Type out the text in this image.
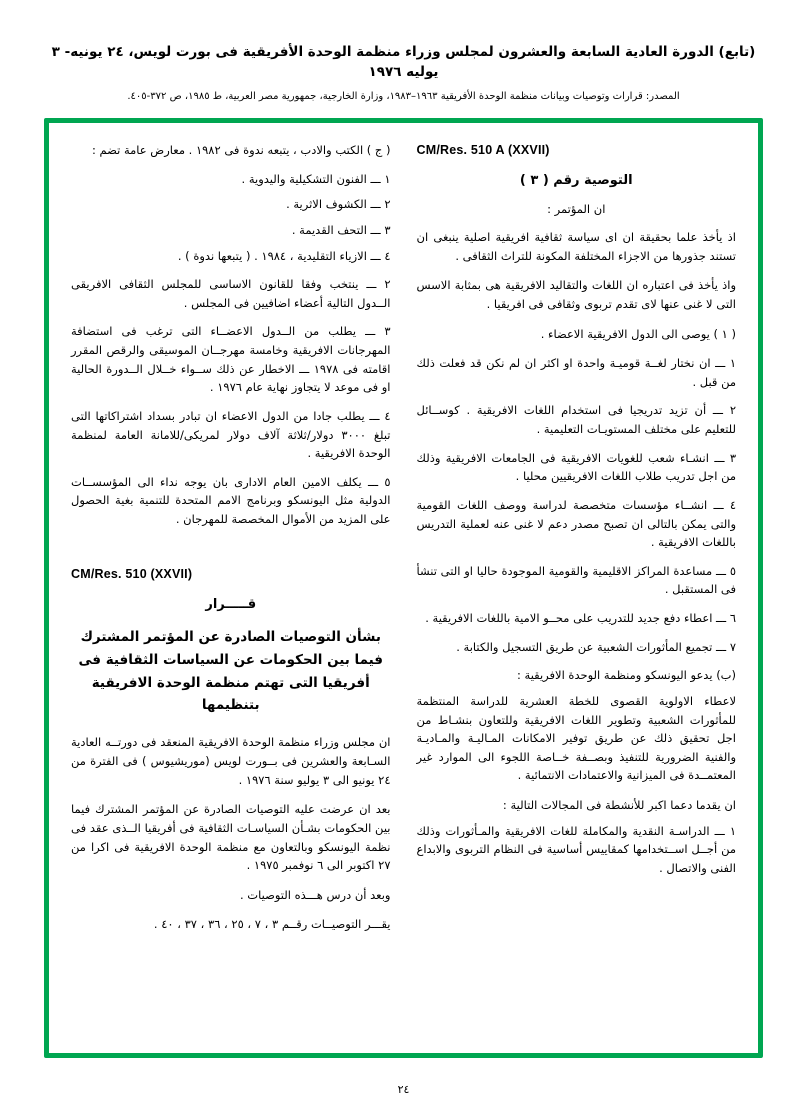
(تابع) الدورة العادية السابعة والعشرون لمجلس وزراء منظمة الوحدة الأفريقية فى بورت لويس، ٢٤ يونيه- ٣ يوليه ١٩٧٦
المصدر: قرارات وتوصيات وبيانات منظمة الوحدة الأفريقية ١٩٦٣–١٩٨٣، وزارة الخارجية، جمهورية مصر العربية، ط ١٩٨٥، ص ٣٧٢-٤٠٥.
CM/Res. 510 A (XXVII)
التوصية رقم ( ٣ )

ان المؤتمر :

اذ يأخذ علما بحقيقة ان اى سياسة ثقافية افريقية اصلية ينبغى ان تستند جذورها من الاجزاء المختلفة المكونة للتراث الثقافى .

واذ يأخذ فى اعتباره ان اللغات والتقاليد الافريقية هى بمثابة الاسس التى لا غنى عنها لاى تقدم تربوى وثقافى فى افريقيا .

( ١ ) يوصى الى الدول الافريقية الاعضاء .

١ ـــ ان نختار لغــة قوميـة واحدة او اكثر ان لم نكن قد فعلت ذلك من قبل .

٢ ـــ أن تزيد تدريجيا فى استخدام اللغات الافريقية . كوســائل للتعليم على مختلف المستويـات التعليمية .

٣ ـــ انشـاء شعب للغويات الافريقية فى الجامعات الافريقية وذلك من اجل تدريب طلاب اللغات الافريقيين محليا .

٤ ـــ انشــاء مؤسسات متخصصة لدراسة ووصف اللغات القومية والتى يمكن بالتالى ان تصبح مصدر دعم لا غنى عنه لعملية التدريس باللغات الافريقية .

٥ ـــ مساعدة المراكز الاقليمية والقومية الموجودة حاليا او التى تنشأ فى المستقبل .

٦ ـــ اعطاء دفع جديد للتدريب على محــو الامية باللغات الافريقية .

٧ ـــ تجميع المأثورات الشعبية عن طريق التسجيل والكتابة .

(ب) يدعو اليونسكو ومنظمة الوحدة الافريقية :

لاعطاء الاولوية القصوى للخطة العشرية للدراسة المنتظمة للمأثورات الشعبية وتطوير اللغات الافريقية وللتعاون بنشـاط من اجل تحقيق ذلك عن طريق توفير الامكانات المـاليـة والمـاديـة والفنية الضرورية للتنفيذ وبصــفة خــاصة اللجوء الى الموارد غير المعتمــدة فى الميزانية والاعتمادات الانتمائية .

ان يقدما دعما اكبر للأنشطة فى المجالات التالية :

١ ـــ الدراسـة النقدية والمكاملة للغات الافريقية والمـأثورات وذلك من أجــل اســتخدامها كمقاييس أساسية فى النظام التربوى والابداع الفنى والاتصال .

( ج ) الكتب والادب ، يتبعه ندوة فى ١٩٨٢ . معارض عامة تضم :

١ ـــ الفنون التشكيلية واليدوية .

٢ ـــ الكشوف الاثرية .

٣ ـــ التحف القديمة .

٤ ـــ الازياء التقليدية ، ١٩٨٤ . ( يتبعها ندوة ) .

٢ ـــ ينتخب وفقا للقانون الاساسى للمجلس الثقافى الافريقى الــدول التالية أعضاء اضافيين فى المجلس .

٣ ـــ يطلب من الــدول الاعضــاء التى ترغب فى استضافة المهرجانات الافريقية وخامسة مهرجــان الموسيقى والرقص المقرر اقامته فى ١٩٧٨ ـــ الاخطار عن ذلك ســواء خــلال الــدورة الحالية او فى موعد لا يتجاوز نهاية عام ١٩٧٦ .

٤ ـــ يطلب جادا من الدول الاعضاء ان تبادر بسداد اشتراكاتها التى تبلغ ٣٠٠٠ دولار/ثلاثة آلاف دولار لمريكى/للامانة العامة لمنظمة الوحدة الافريقية .

٥ ـــ يكلف الامين العام الادارى بان يوجه نداء الى المؤسســات الدولية مثل اليونسكو وبرنامج الامم المتحدة للتنمية بغية الحصول على المزيد من الأموال المخصصة للمهرجان .

CM/Res. 510 (XXVII)
قـــــرار
بشأن التوصيات الصادرة عن المؤتمر المشترك فيما بين الحكومات عن السياسات الثقافية فى أفريقيا التى تهتم منظمة الوحدة الافريقية بتنظيمها

ان مجلس وزراء منظمة الوحدة الافريقية المنعقد فى دورتــه العادية السـابعة والعشرين فى بــورت لويس (موريشيوس ) فى الفترة من ٢٤ يونيو الى ٣ يوليو سنة ١٩٧٦ .

بعد ان عرضت عليه التوصيات الصادرة عن المؤتمر المشترك فيما بين الحكومات بشـأن السياسـات الثقافية فى أفريقيا الــذى عقد فى نظمة اليونسكو وبالتعاون مع منظمة الوحدة الافريقية فى اكرا من ٢٧ اكتوبر الى ٦ نوفمبر ١٩٧٥ .

وبعد أن درس هـــذه التوصيات .

يقـــر التوصيــات رقــم ٣ ، ٧ ، ٢٥ ، ٣٦ ، ٣٧ ، ٤٠ .

٢٤
